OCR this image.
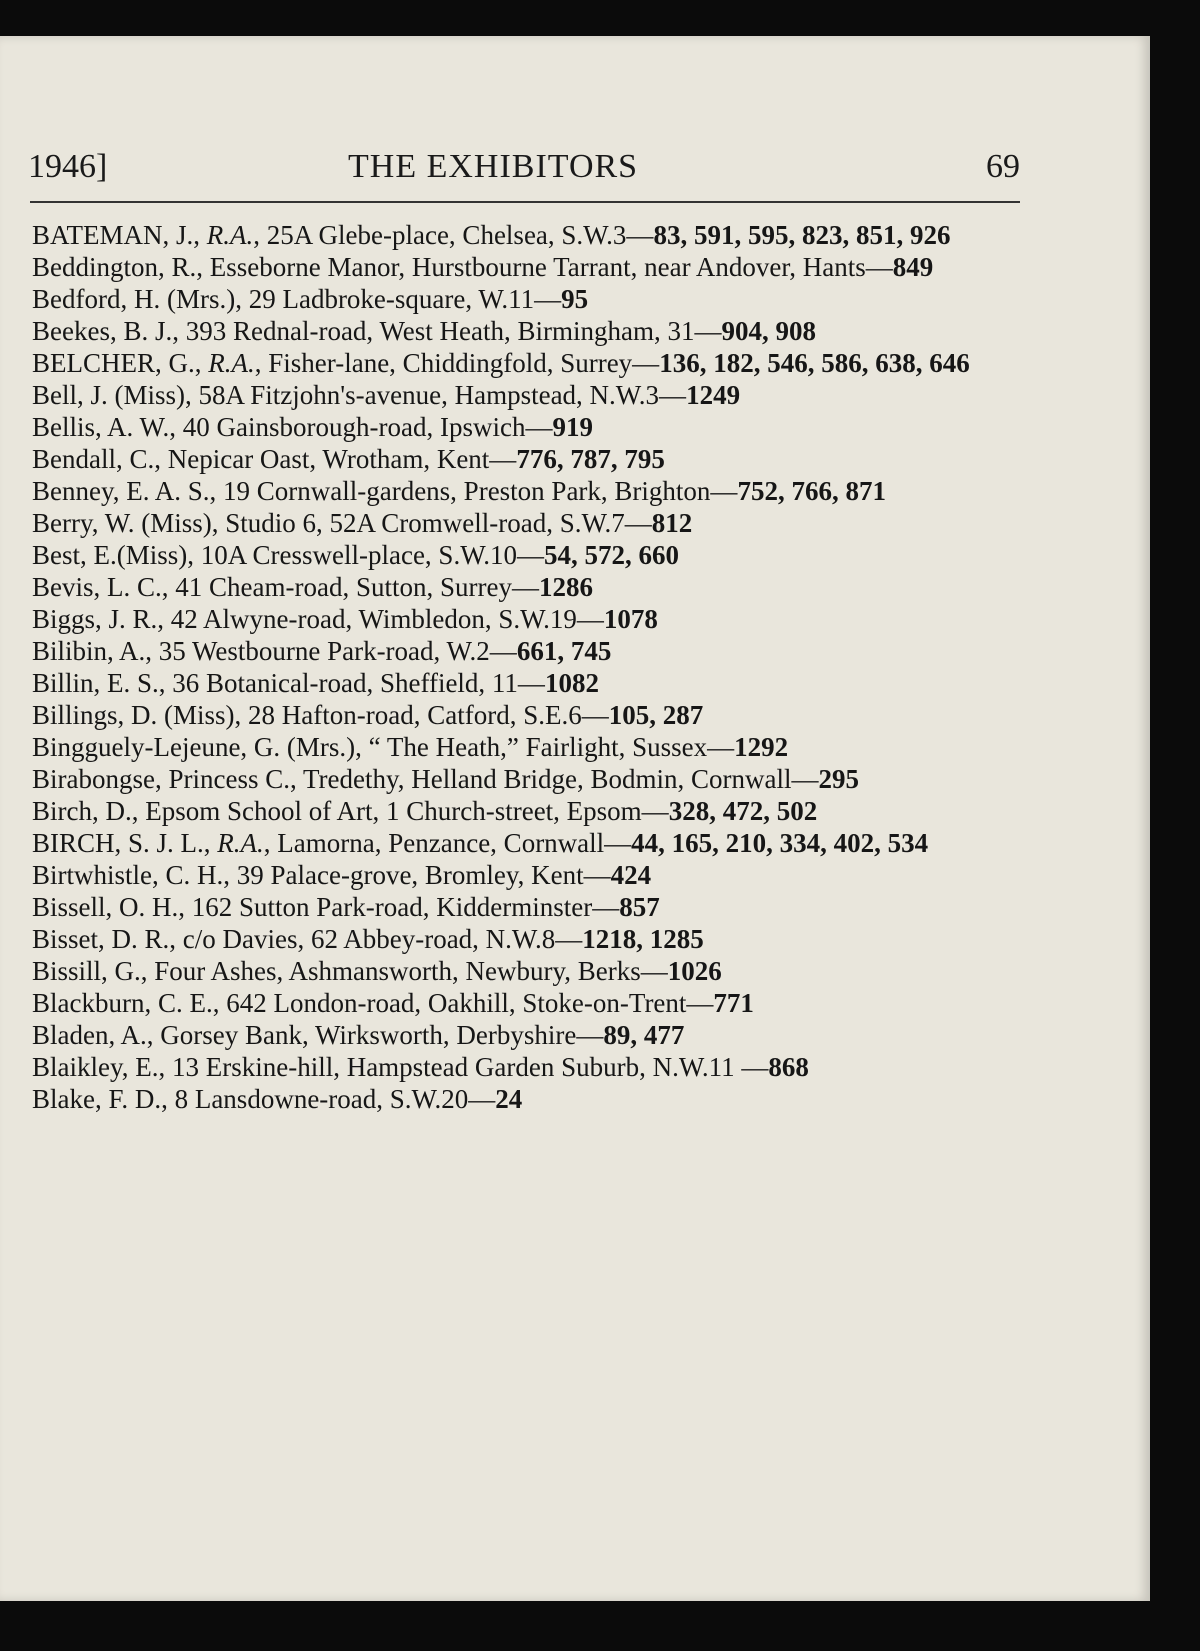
1946]	THE EXHIBITORS	69

BATEMAN, J., R.A., 25A Glebe-place, Chelsea, S.W.3—83, 591, 595, 823, 851, 926

Beddington, R., Esseborne Manor, Hurstbourne Tarrant, near Andover, Hants—849

Bedford, H. (Mrs.), 29 Ladbroke-square, W.11—95

Beekes, B. J., 393 Rednal-road, West Heath, Birmingham, 31—904, 908

BELCHER, G., R.A., Fisher-lane, Chiddingfold, Surrey—136, 182, 546, 586, 638, 646

Bell, J. (Miss), 58A Fitzjohn's-avenue, Hampstead, N.W.3—1249

Bellis, A. W., 40 Gainsborough-road, Ipswich—919

Bendall, C., Nepicar Oast, Wrotham, Kent—776, 787, 795

Benney, E. A. S., 19 Cornwall-gardens, Preston Park, Brighton—752, 766, 871

Berry, W. (Miss), Studio 6, 52A Cromwell-road, S.W.7—812

Best, E.(Miss), 10A Cresswell-place, S.W.10—54, 572, 660

Bevis, L. C., 41 Cheam-road, Sutton, Surrey—1286

Biggs, J. R., 42 Alwyne-road, Wimbledon, S.W.19—1078

Bilibin, A., 35 Westbourne Park-road, W.2—661, 745

Billin, E. S., 36 Botanical-road, Sheffield, 11—1082

Billings, D. (Miss), 28 Hafton-road, Catford, S.E.6—105, 287

Bingguely-Lejeune, G. (Mrs.), “ The Heath,” Fairlight, Sussex—1292

Birabongse, Princess C., Tredethy, Helland Bridge, Bodmin, Cornwall—295

Birch, D., Epsom School of Art, 1 Church-street, Epsom—328, 472, 502

BIRCH, S. J. L., R.A., Lamorna, Penzance, Cornwall—44, 165, 210, 334, 402, 534

Birtwhistle, C. H., 39 Palace-grove, Bromley, Kent—424

Bissell, O. H., 162 Sutton Park-road, Kidderminster—857

Bisset, D. R., c/o Davies, 62 Abbey-road, N.W.8—1218, 1285

Bissill, G., Four Ashes, Ashmansworth, Newbury, Berks—1026

Blackburn, C. E., 642 London-road, Oakhill, Stoke-on-Trent—771

Bladen, A., Gorsey Bank, Wirksworth, Derbyshire—89, 477

Blaikley, E., 13 Erskine-hill, Hampstead Garden Suburb, N.W.11 —868

Blake, F. D., 8 Lansdowne-road, S.W.20—24
